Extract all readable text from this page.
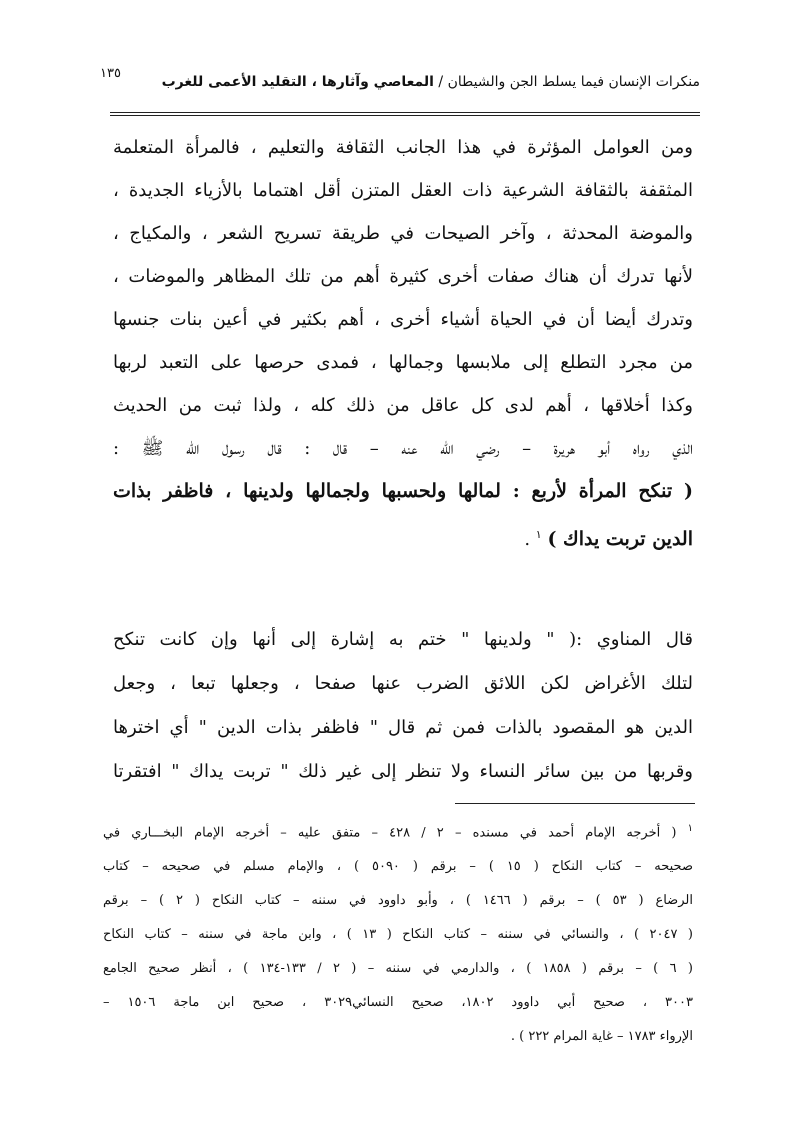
١٣٥
منكرات الإنسان فيما يسلط الجن والشيطان / المعاصي وآثارها ، التقليد الأعمى للغرب
ومن العوامل المؤثرة في هذا الجانب الثقافة والتعليم ، فالمرأة المتعلمة
المثقفة بالثقافة الشرعية ذات العقل المتزن أقل اهتماما بالأزياء الجديدة ،
والموضة المحدثة ، وآخر الصيحات في طريقة تسريح الشعر ، والمكياج ،
لأنها تدرك أن هناك صفات أخرى كثيرة أهم من تلك المظاهر والموضات ،
وتدرك أيضا أن في الحياة أشياء أخرى ، أهم بكثير في أعين بنات جنسها
من مجرد التطلع إلى ملابسها وجمالها ، فمدى حرصها على التعبد لربها
وكذا أخلاقها ، أهم لدى كل عاقل من ذلك كله ، ولذا ثبت من الحديث
الذي رواه أبو هريرة – رضي الله عنه – قال : قال رسول الله ﷺ :
( تنكح المرأة لأربع : لمالها ولحسبها ولجمالها ولدينها ، فاظفر بذات
الدين تربت يداك ) $^١$ .
قال المناوي :( " ولدينها " ختم به إشارة إلى أنها وإن كانت تنكح
لتلك الأغراض لكن اللائق الضرب عنها صفحا ، وجعلها تبعا ، وجعل
الدين هو المقصود بالذات فمن ثم قال " فاظفر بذات الدين " أي اخترها
وقربها من بين سائر النساء ولا تنظر إلى غير ذلك " تربت يداك " افتقرتا
$^١$ ( أخرجه الإمام أحمد في مسنده – ٢ / ٤٢٨ – متفق عليه – أخرجه الإمام البخـــاري في
صحيحه – كتاب النكاح ( ١٥ ) – برقم ( ٥٠٩٠ ) ، والإمام مسلم في صحيحه – كتاب
الرضاع ( ٥٣ ) – برقم ( ١٤٦٦ ) ، وأبو داوود في سننه – كتاب النكاح ( ٢ ) – برقم
( ٢٠٤٧ ) ، والنسائي في سننه – كتاب النكاح ( ١٣ ) ، وابن ماجة في سننه – كتاب النكاح
( ٦ ) – برقم ( ١٨٥٨ ) ، والدارمي في سننه – ( ٢ / ١٣٣-١٣٤ ) ، أنظر صحيح الجامع
٣٠٠٣ ، صحيح أبي داوود ١٨٠٢، صحيح النسائي٣٠٢٩ ، صحيح ابن ماجة ١٥٠٦ –
الإرواء ١٧٨٣ – غاية المرام ٢٢٢ ) .
